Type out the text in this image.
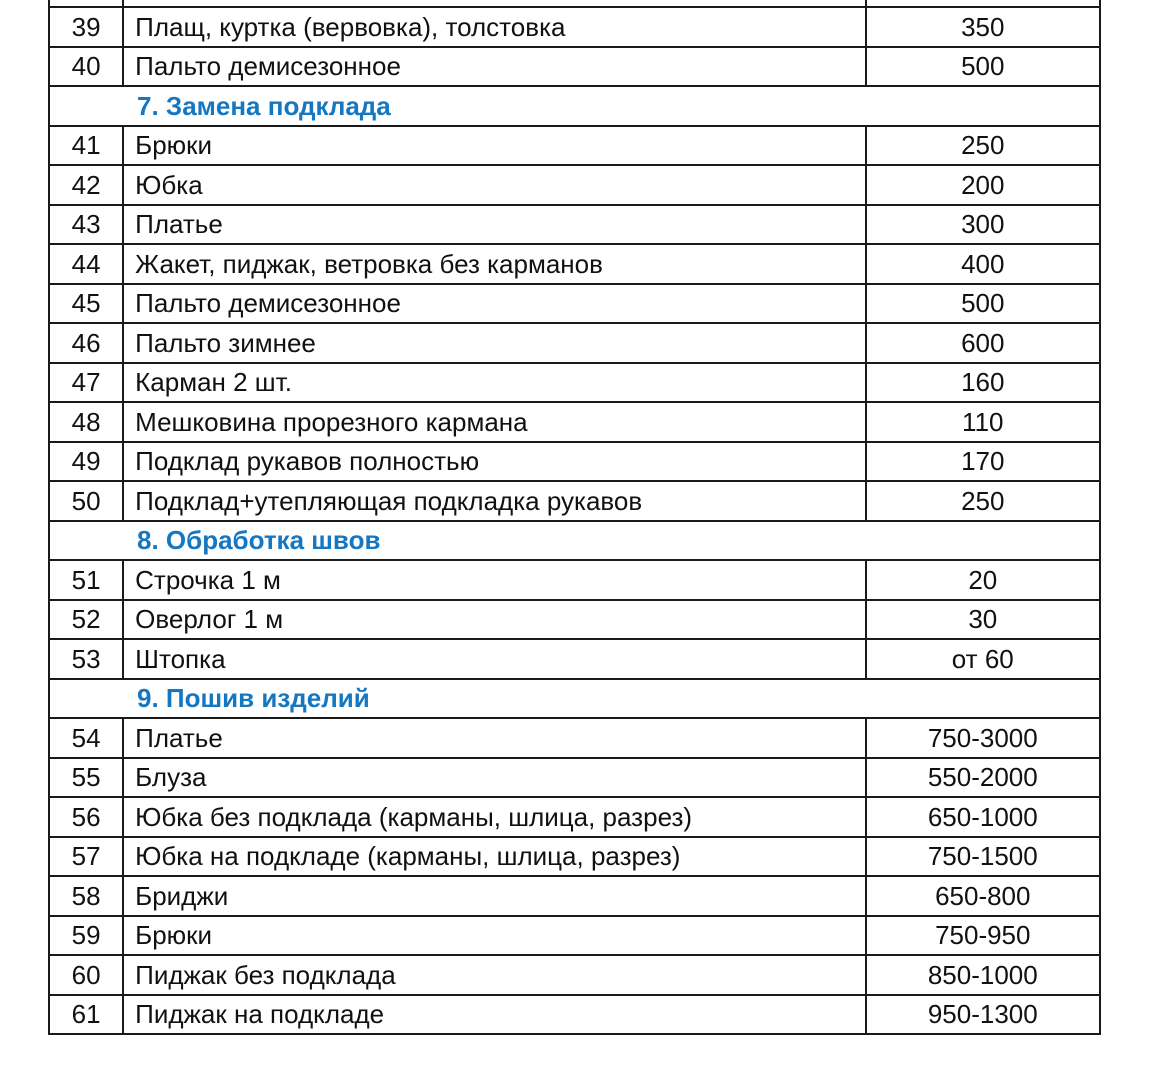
39	Плащ, куртка (вервовка), толстовка	350
40	Пальто демисезонное	500
7. Замена подклада		
41	Брюки	250
42	Юбка	200
43	Платье	300
44	Жакет, пиджак, ветровка без карманов	400
45	Пальто демисезонное	500
46	Пальто зимнее	600
47	Карман 2 шт.	160
48	Мешковина прорезного кармана	110
49	Подклад рукавов полностью	170
50	Подклад+утепляющая подкладка рукавов	250
8. Обработка швов		
51	Строчка 1 м	20
52	Оверлог 1 м	30
53	Штопка	от 60
9. Пошив изделий		
54	Платье	750-3000
55	Блуза	550-2000
56	Юбка без подклада (карманы, шлица, разрез)	650-1000
57	Юбка на подкладе (карманы, шлица, разрез)	750-1500
58	Бриджи	650-800
59	Брюки	750-950
60	Пиджак без подклада	850-1000
61	Пиджак на подкладе	950-1300
